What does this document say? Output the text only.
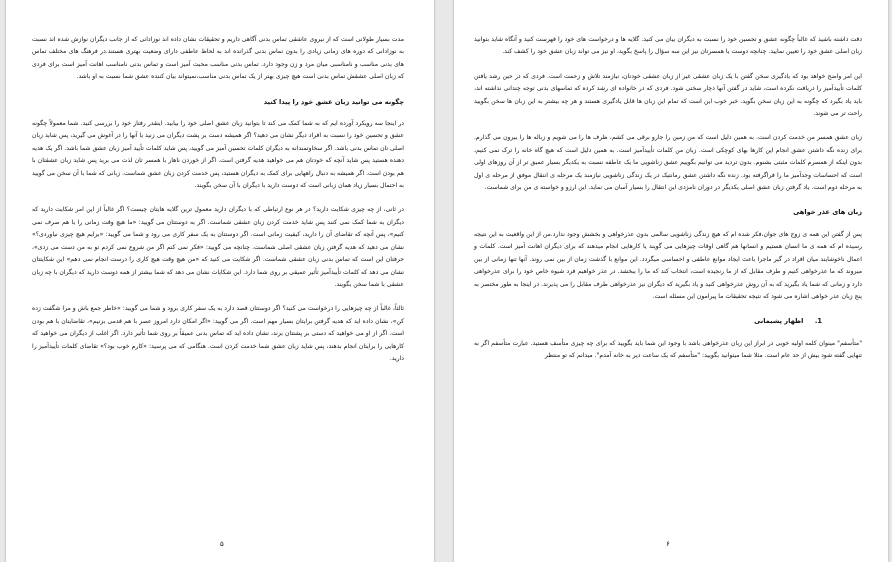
مدت بسیار طولانی است که از نیروی عاشقی تماس بدنی آگاهی داریم و تحقیقات نشان داده اند نوزادانی که از جانب دیگران نوازش شده اند نسبت به نوزادانی که دوره های زمانی زیادی را بدون تماس بدنی گذرانده اند به لحاظ عاطفی دارای وضعیت بهتری هستند.در فرهنگ های مختلف تماس های بدنی مناسب و نامناسبی میان مرد و زن وجود دارد. تماس بدنی مناسب محبت آمیز است و تماس بدنی نامناسب اهانت آمیز است برای فردی که زبان اصلی عشقش تماس بدنی است هیچ چیزی بهتر از یک تماس بدنی مناسب،نمیتواند بیان کننده عشق شما نسبت به او باشد.

چگونه می توانید زبان عشق خود را پیدا کنید

در اینجا سه رویکرد آورده ایم که به شما کمک می کند تا بتوانید زبان عشق اصلی خود را بیابید. اینقدر رفتار خود را بررسی کنید. شما معمولاً چگونه عشق و تحسین خود را نسبت به افراد دیگر نشان می دهید؟ اگر همیشه دست بر پشت دیگران می زنید یا آنها را در آغوش می گیرید، پس شاید زبان اصلی تان تماس بدنی باشد. اگر سخاوتمندانه به دیگران کلمات تحسین آمیز می گویید، پس شاید کلمات تأیید آمیز زبان عشق شما باشد. اگر یک هدیه دهنده هستید پس شاید آنچه که خودتان هم می خواهید هدیه گرفتن است. اگر از خوردن ناهار با همسر تان لذت می برید پس شاید زبان عشقتان با هم بودن است. اگر همیشه به دنبال راههایی برای کمک به دیگران هستید، پس خدمت کردن زبان عشق شماست. زبانی که شما با آن سخن می گویید به احتمال بسیار زیاد همان زبانی است که دوست دارید با دیگران با آن سخن بگویند.

در ثانی، از چه چیزی شکایت دارید؟ در هر نوع ارتباطی که با دیگران دارید معمول ترین گلایه هایتان چیست؟ اگر غالباً از این امر شکایت دارید که دیگران به شما کمک نمی کنند پس شاید خدمت کردن زبان عشقی شماست. اگر به دوستتان می گویید: «ما هیچ وقت زمانی را با هم صرف نمی کنیم»، پس آنچه که تقاضای آن را دارید، کیفیت زمانی است. اگر دوستتان به یک سفر کاری می رود و شما می گویید: «برایم هیچ چیزی نیاوردی؟» نشان می دهید که هدیه گرفتن زبان عشقی اصلی شماست. چنانچه می گویید: «فکر نمی کنم اگر من شروع نمی کردم تو به من دست می زدی»، حرفتان این است که تماس بدنی زبان عشقی شماست. اگر شکایت می کنید که «من هیچ وقت هیچ کاری را درست انجام نمی دهم» این شکایتتان نشان می دهد که کلمات تأییدآمیز تأثیر عمیقی بر روی شما دارد. این شکایات نشان می دهد که شما بیشتر از همه دوست دارید که دیگران با چه زبان عشقی با شما سخن بگویند.

ثالثاً، غالباً از چه چیزهایی را درخواست می کنید؟ اگر دوستتان قصد دارد به یک سفر کاری برود و شما می گویید: «خاطر جمع باش و مرا شگفت زده کن»، نشان داده اید که هدیه گرفتن برایتان بسیار مهم است. اگر می گویید: «اگر امکان دارد امروز عصر با هم قدمی بزنیم»، تقاضایتان با هم بودن است. اگر از او می خواهید که دستی بر پشتتان بزند، نشان داده اید که تماس بدنی عمیقاً بر روی شما تأثیر دارد. اگر اغلب از دیگران می خواهید که کارهایی را برایتان انجام بدهند، پس شاید زبان عشق شما خدمت کردن است. هنگامی که می پرسید: «کارم خوب بود؟» تقاضای کلمات تأییدآمیز را دارید.

۵

دقت داشته باشید که غالباً چگونه عشق و تحسین خود را نسبت به دیگران بیان می کنید. گلایه ها و درخواست های خود را فهرست کنید و آنگاه شاید بتوانید زبان اصلی عشق خود را تعیین نمایید. چنانچه دوست یا همسرتان نیز این سه سؤال را پاسخ بگوید، او نیز می تواند زبان عشق خود را کشف کند.

این امر واضح خواهد بود که یادگیری سخن گفتن با یک زبان عشقی غیر از زبان عشقی خودتان، نیازمند تلاش و زحمت است. فردی که در حین رشد یافتن کلمات تأییدآمیز را دریافت نکرده است، شاید در گفتن آنها دچار سختی شود. فردی که در خانواده ای رشد کرده که تماسهای بدنی توجه چندانی نداشته اند، باید یاد بگیرد که چگونه به این زبان سخن بگوید. خبر خوب این است که تمام این زبان ها قابل یادگیری هستند و هر چه بیشتر به این زبان ها سخن بگویید راحت تر می شوند.

زبان عشق همسر من خدمت کردن است. به همین دلیل است که من زمین را جارو برقی می کشم، ظرف ها را می شویم و زباله ها را بیرون می گذارم. برای زنده نگه داشتن عشق انجام این کارها بهای کوچکی است. زبان من کلمات تأییدآمیز است. به همین دلیل است که هیچ گاه خانه را ترک نمی کنیم، بدون اینکه از همسرم کلمات مثبتی بشنوم. بدون تردید می توانیم بگوییم عشق زناشویی ما یک عاطفه نسبت به یکدیگر بسیار عمیق تر از آن روزهای اولی است که احساسات وجدآمیز ما را فراگرفته بود. زنده نگه داشتن عشق رمانتیک در یک زندگی زناشویی نیازمند یک مرحله ی انتقال موفق از مرحله ی اول به مرحله دوم است. یاد گرفتن زبان عشق اصلی یکدیگر در دوران نامزدی این انتقال را بسیار آسان می نماید. این ارزو و خواسته ی من برای شماست.

زبان های عذر خواهی

پس از گفتن این همه ی زوج های جوان،فکر شده ام که هیچ زندگی زناشویی سالمی بدون عذرخواهی و بخشش وجود ندارد.من از این واقعیت به این نتیجه رسیده ام که همه ی ما انسان هستیم و انسانها هم گاهی اوقات چیزهایی می گویند یا کارهایی انجام میدهند که برای دیگران اهانت آمیز است. کلمات و اعمال ناخوشایند میان افراد در گیر ماجرا باعث ایجاد موانع عاطفی و احساسی میگردد. این موانع با گذشت زمان از بین نمی روند. آنها تنها زمانی از بین میروند که ما عذرخواهی کنیم و طرف مقابل که از ما رنجیده است، انتخاب کند که ما را ببخشد. در عذر خواهیم فرد شیوه خاص خود را برای عذرخواهی دارد و زمانی که شما یاد بگیرید که به آن روش عذرخواهی کنید و یاد بگیرید که دیگران نیز عذرخواهی طرف مقابل را می پذیرند. در اینجا به طور مختصر به پنج زبان عذر خواهی اشاره می شود که نتیجه تحقیقات ما پیرامون این مسئله است.

1.     اظهار پشیمانی

"متأسفم" مینوان کلمه اولیه خوبی در ابراز این زبان عذرخواهی باشد با وجود این شما باید بگویید که برای چه چیزی متأسف هستید. عبارت متأسفم اگر به تنهایی گفته شود بیش از حد عام است. مثلا شما میتوانید بگویید: "متأسفم که یک ساعت دیر به خانه آمدم". میدانم که تو منتظر

۶
